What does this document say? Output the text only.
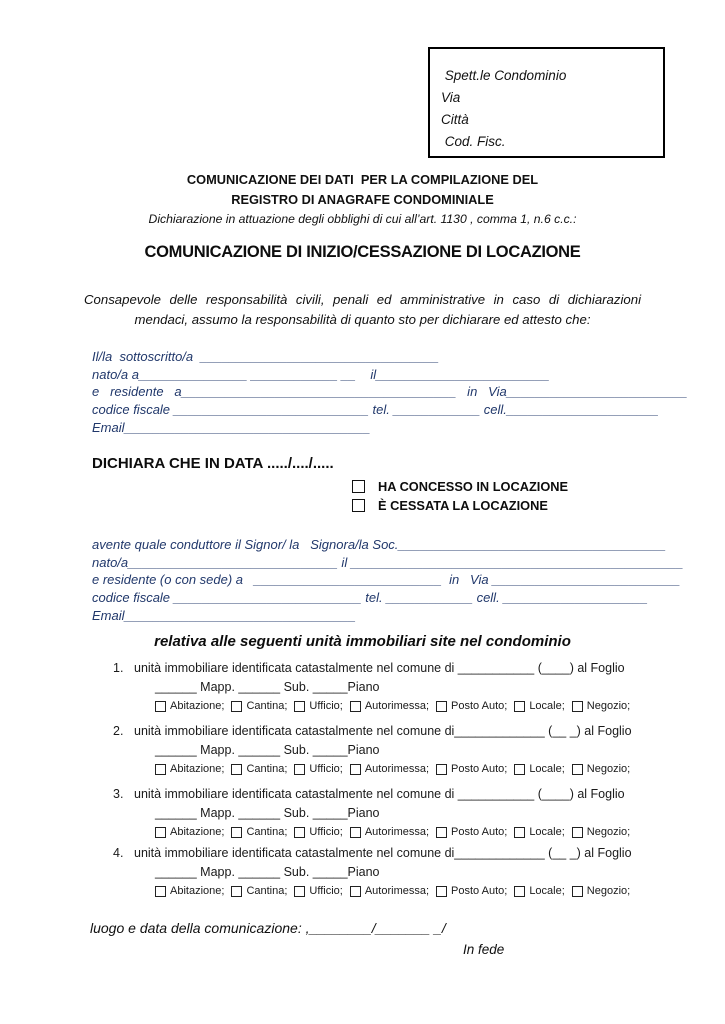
Spett.le Condominio
Via
Città
Cod. Fisc.
COMUNICAZIONE DEI DATI  PER LA COMPILAZIONE DEL
REGISTRO DI ANAGRAFE CONDOMINIALE
Dichiarazione in attuazione degli obblighi di cui all’art. 1130 , comma 1, n.6 c.c.:
COMUNICAZIONE DI INIZIO/CESSAZIONE DI LOCAZIONE
Consapevole delle responsabilità civili, penali ed amministrative in caso di dichiarazioni mendaci, assumo la responsabilità di quanto sto per dichiarare ed attesto che:
Il/la  sottoscritto/a  _________________________________
nato/a a_______________ ____________ __    il________________________
e   residente   a______________________________________   in   Via_________________________
codice fiscale ___________________________ tel. ____________ cell._____________________
Email__________________________________
DICHIARA CHE IN DATA ...../..../.....
HA CONCESSO IN LOCAZIONE
È CESSATA LA LOCAZIONE
avente quale conduttore il Signor/ la   Signora/la Soc._____________________________________
nato/a_____________________________ il ______________________________________________
e residente (o con sede) a   __________________________  in   Via __________________________
codice fiscale __________________________ tel. ____________ cell. ____________________
Email________________________________
relativa alle seguenti unità immobiliari site nel condominio
1. unità immobiliare identificata catastalmente nel comune di ___________ (____) al Foglio
______ Mapp. ______ Sub. _____Piano
Abitazione; Cantina; Ufficio; Autorimessa; Posto Auto; Locale; Negozio;
2. unità immobiliare identificata catastalmente nel comune di_____________ (__ _) al Foglio
______ Mapp. ______ Sub. _____Piano
Abitazione; Cantina; Ufficio; Autorimessa; Posto Auto; Locale; Negozio;
3. unità immobiliare identificata catastalmente nel comune di ___________ (____) al Foglio
______ Mapp. ______ Sub. _____Piano
Abitazione; Cantina; Ufficio; Autorimessa; Posto Auto; Locale; Negozio;
4. unità immobiliare identificata catastalmente nel comune di_____________ (__ _) al Foglio
______ Mapp. ______ Sub. _____Piano
Abitazione; Cantina; Ufficio; Autorimessa; Posto Auto; Locale; Negozio;
luogo e data della comunicazione: ,________/_______ _/
In fede
